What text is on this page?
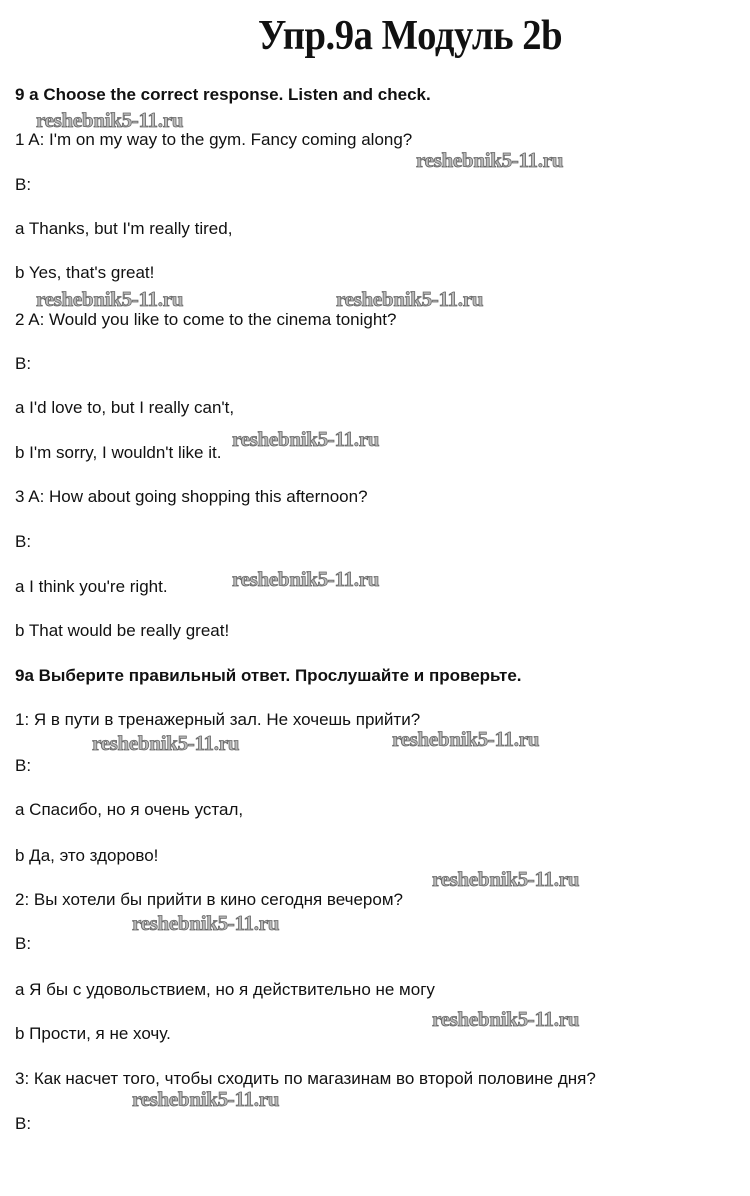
Упр.9а Модуль 2b
9 a Choose the correct response. Listen and check.
1 A: I'm on my way to the gym. Fancy coming along?
B:
a Thanks, but I'm really tired,
b Yes, that's great!
2 A: Would you like to come to the cinema tonight?
B:
a I'd love to, but I really can't,
b I'm sorry, I wouldn't like it.
3 A: How about going shopping this afternoon?
B:
a I think you're right.
b That would be really great!
9a Выберите правильный ответ. Прослушайте и проверьте.
1: Я в пути в тренажерный зал. Не хочешь прийти?
B:
a Спасибо, но я очень устал,
b Да, это здорово!
2: Вы хотели бы прийти в кино сегодня вечером?
B:
a Я бы с удовольствием, но я действительно не могу
b Прости, я не хочу.
3: Как насчет того, чтобы сходить по магазинам во второй половине дня?
B:
reshebnik5-11.ru
reshebnik5-11.ru
reshebnik5-11.ru	reshebnik5-11.ru
reshebnik5-11.ru
reshebnik5-11.ru
reshebnik5-11.ru	reshebnik5-11.ru
reshebnik5-11.ru
reshebnik5-11.ru
reshebnik5-11.ru
reshebnik5-11.ru
